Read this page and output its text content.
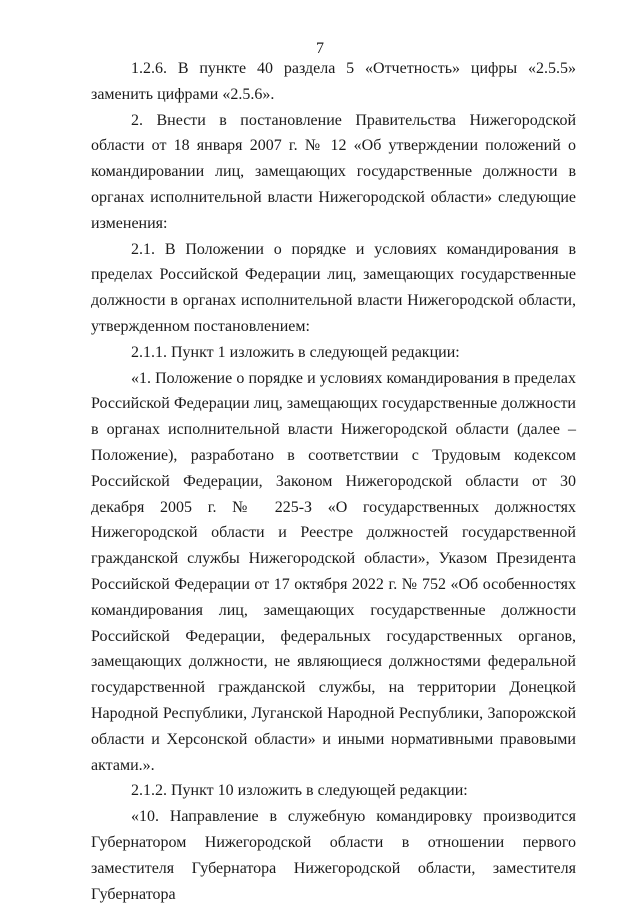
7

1.2.6. В пункте 40 раздела 5 «Отчетность» цифры «2.5.5» заменить цифрами «2.5.6».

2. Внести в постановление Правительства Нижегородской области от 18 января 2007 г. № 12 «Об утверждении положений о командировании лиц, замещающих государственные должности в органах исполнительной власти Нижегородской области» следующие изменения:

2.1. В Положении о порядке и условиях командирования в пределах Российской Федерации лиц, замещающих государственные должности в органах исполнительной власти Нижегородской области, утвержденном постановлением:

2.1.1. Пункт 1 изложить в следующей редакции:

«1. Положение о порядке и условиях командирования в пределах Российской Федерации лиц, замещающих государственные должности в органах исполнительной власти Нижегородской области (далее – Положение), разработано в соответствии с Трудовым кодексом Российской Федерации, Законом Нижегородской области от 30 декабря 2005 г. № 225-З «О государственных должностях Нижегородской области и Реестре должностей государственной гражданской службы Нижегородской области», Указом Президента Российской Федерации от 17 октября 2022 г. № 752 «Об особенностях командирования лиц, замещающих государственные должности Российской Федерации, федеральных государственных органов, замещающих должности, не являющиеся должностями федеральной государственной гражданской службы, на территории Донецкой Народной Республики, Луганской Народной Республики, Запорожской области и Херсонской области» и иными нормативными правовыми актами.».

2.1.2. Пункт 10 изложить в следующей редакции:

«10. Направление в служебную командировку производится Губернатором Нижегородской области в отношении первого заместителя Губернатора Нижегородской области, заместителя Губернатора
